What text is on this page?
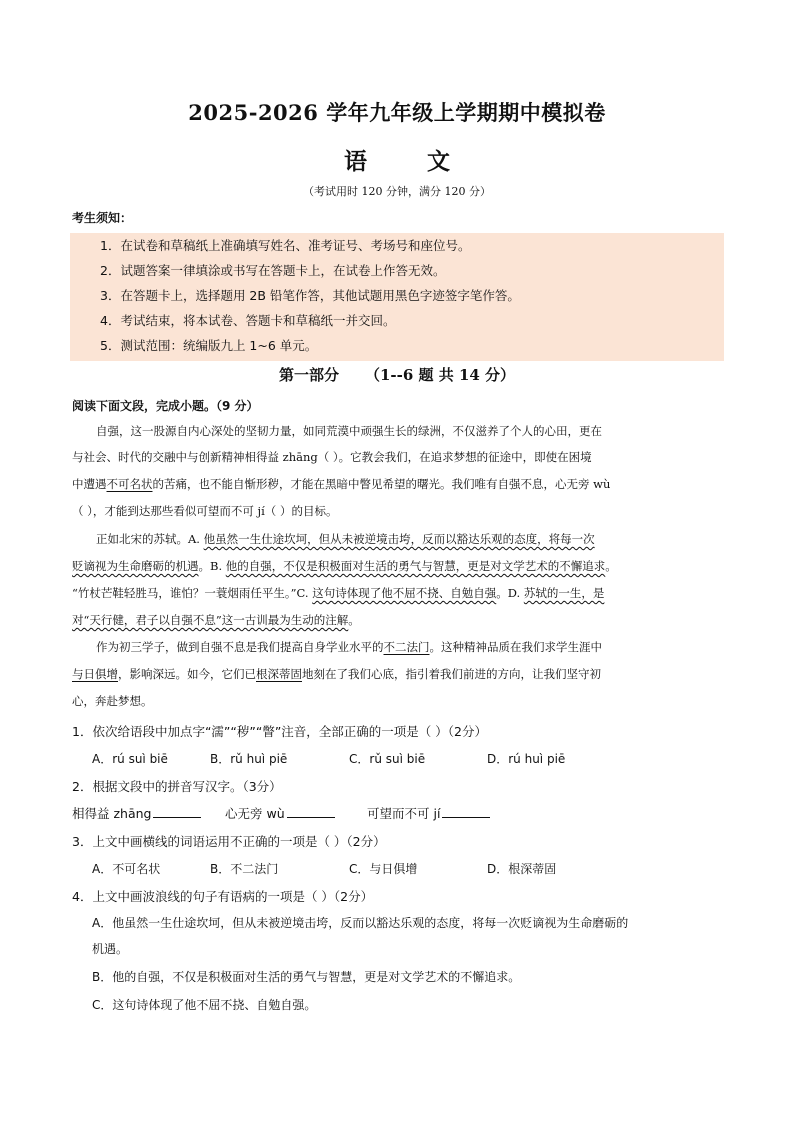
2025-2026 学年九年级上学期期中模拟卷
语 文
（考试用时 120 分钟，满分 120 分）
考生须知：
1．在试卷和草稿纸上准确填写姓名、准考证号、考场号和座位号。
2．试题答案一律填涂或书写在答题卡上，在试卷上作答无效。
3．在答题卡上，选择题用 2B 铅笔作答，其他试题用黑色字迹签字笔作答。
4．考试结束，将本试卷、答题卡和草稿纸一并交回。
5．测试范围：统编版九上 1~6 单元。
第一部分 （1--6 题 共 14 分）
阅读下面文段，完成小题。（9 分）
自强，这一股源自内心深处的坚韧力量，如同荒漠中顽强生长的绿洲，不仅滋养了个人的心田，更在
与社会、时代的交融中与创新精神相得益 zhāng（ ）。它教会我们，在追求梦想的征途中，即使在困境
中遭遇不可名状的苦痛，也不能自惭形秽，才能在黑暗中瞥见希望的曙光。我们唯有自强不息，心无旁 wù
（ ），才能到达那些看似可望而不可 jí（ ）的目标。
正如北宋的苏轼。A. 他虽然一生仕途坎坷，但从未被逆境击垮，反而以豁达乐观的态度，将每一次
贬谪视为生命磨砺的机遇。B. 他的自强，不仅是积极面对生活的勇气与智慧，更是对文学艺术的不懈追求。
“竹杖芒鞋轻胜马，谁怕？一蓑烟雨任平生。”C. 这句诗体现了他不屈不挠、自勉自强。D. 苏轼的一生，是
对“天行健，君子以自强不息”这一古训最为生动的注解。
作为初三学子，做到自强不息是我们提高自身学业水平的不二法门。这种精神品质在我们求学生涯中
与日俱增，影响深远。如今，它们已根深蒂固地刻在了我们心底，指引着我们前进的方向，让我们坚守初
心，奔赴梦想。
1．依次给语段中加点字“濡”“秽”“瞥”注音，全部正确的一项是（ ）（2分）
A．rú suì biē	B．rǔ huì piē	C．rǔ suì biē	D．rú huì piē
2．根据文段中的拼音写汉字。（3分）
相得益 zhāng	心无旁 wù	可望而不可 jí
3．上文中画横线的词语运用不正确的一项是（ ）（2分）
A．不可名状	B．不二法门	C．与日俱增	D．根深蒂固
4．上文中画波浪线的句子有语病的一项是（ ）（2分）
A．他虽然一生仕途坎坷，但从未被逆境击垮，反而以豁达乐观的态度，将每一次贬谪视为生命磨砺的
机遇。
B．他的自强，不仅是积极面对生活的勇气与智慧，更是对文学艺术的不懈追求。
C．这句诗体现了他不屈不挠、自勉自强。
